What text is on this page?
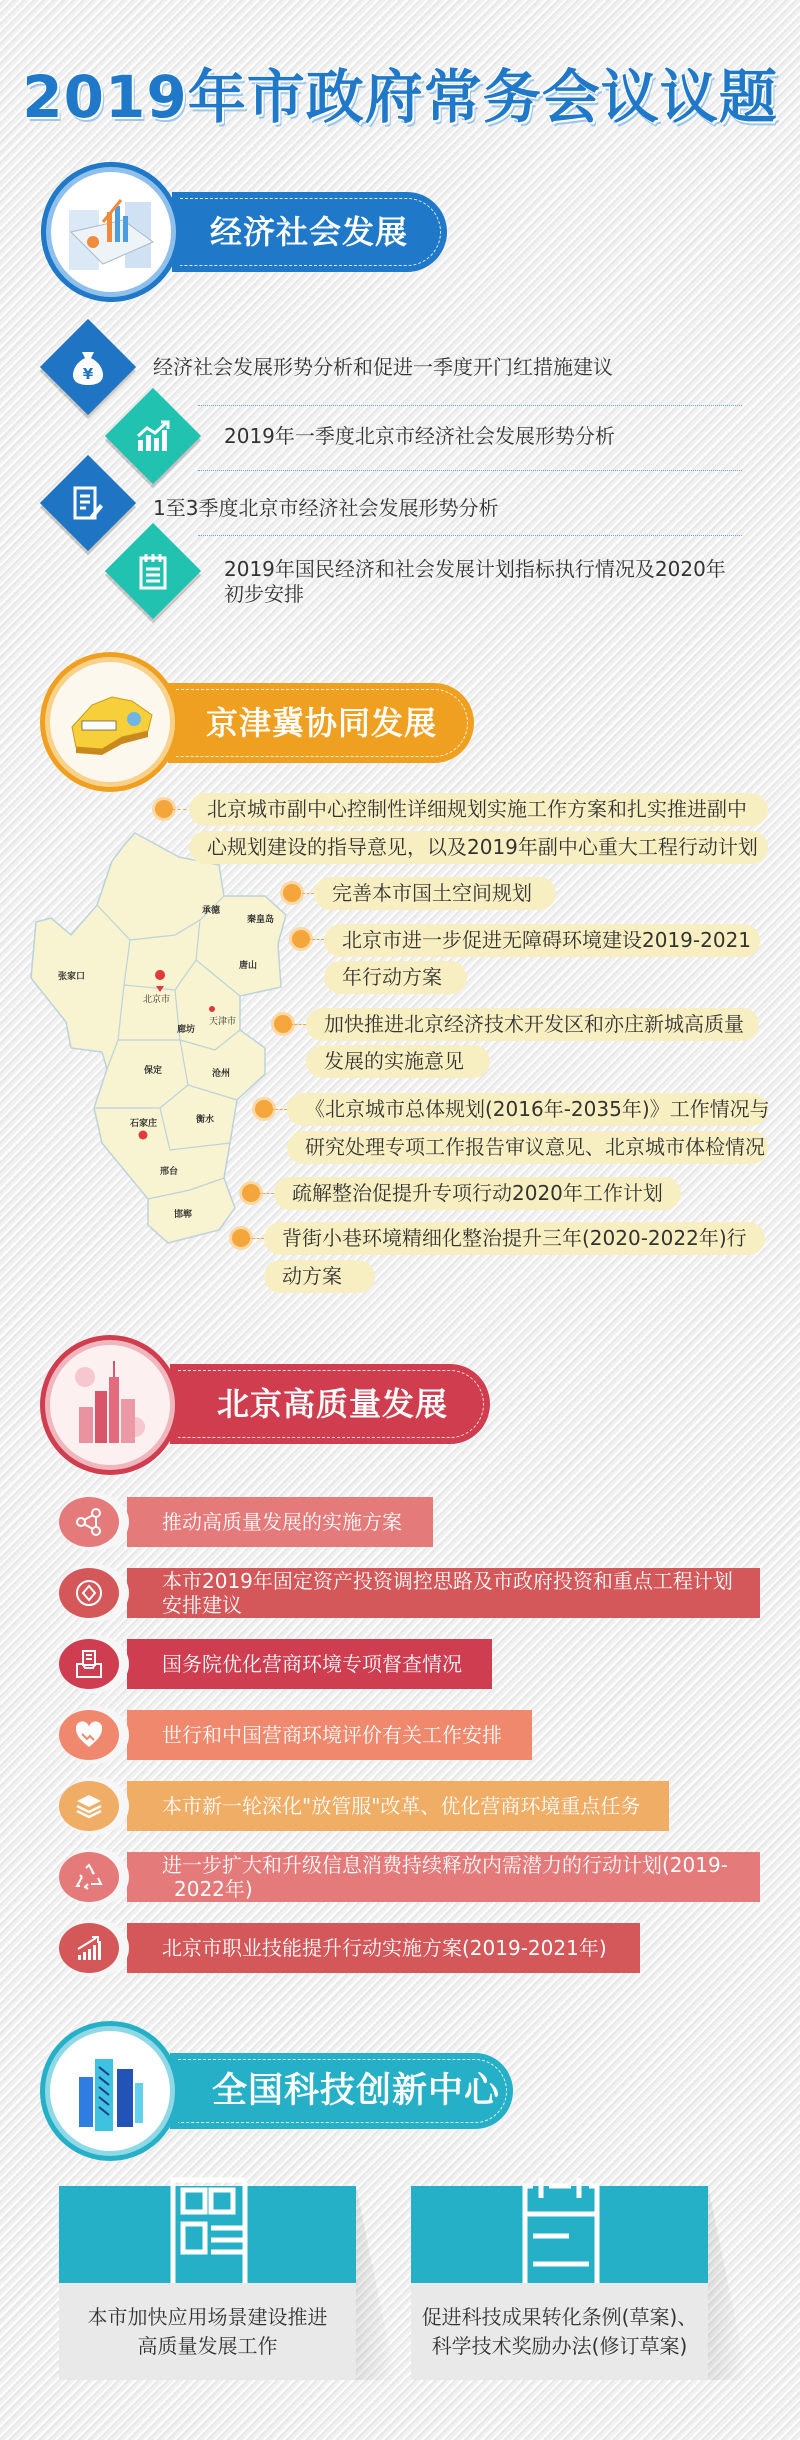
2019年市政府常务会议议题
经济社会发展
¥	经济社会发展形势分析和促进一季度开门红措施建议
2019年一季度北京市经济社会发展形势分析
1至3季度北京市经济社会发展形势分析
2019年国民经济和社会发展计划指标执行情况及2020年
初步安排
京津冀协同发展
承德
秦皇岛
张家口
唐山
北京市
天津市
廊坊
保定	沧州
衡水
石家庄
邢台
邯郸
北京城市副中心控制性详细规划实施工作方案和扎实推进副中
心规划建设的指导意见，以及2019年副中心重大工程行动计划
完善本市国土空间规划
北京市进一步促进无障碍环境建设2019-2021
年行动方案
加快推进北京经济技术开发区和亦庄新城高质量
发展的实施意见
《北京城市总体规划(2016年-2035年)》工作情况与
研究处理专项工作报告审议意见、北京城市体检情况
疏解整治促提升专项行动2020年工作计划
背街小巷环境精细化整治提升三年(2020-2022年)行
动方案
北京高质量发展
推动高质量发展的实施方案
本市2019年固定资产投资调控思路及市政府投资和重点工程计划
安排建议
国务院优化营商环境专项督查情况
世行和中国营商环境评价有关工作安排
本市新一轮深化"放管服"改革、优化营商环境重点任务
进一步扩大和升级信息消费持续释放内需潜力的行动计划(2019-
2022年)
北京市职业技能提升行动实施方案(2019-2021年)
全国科技创新中心
本市加快应用场景建设推进
高质量发展工作
促进科技成果转化条例(草案)、
科学技术奖励办法(修订草案)
